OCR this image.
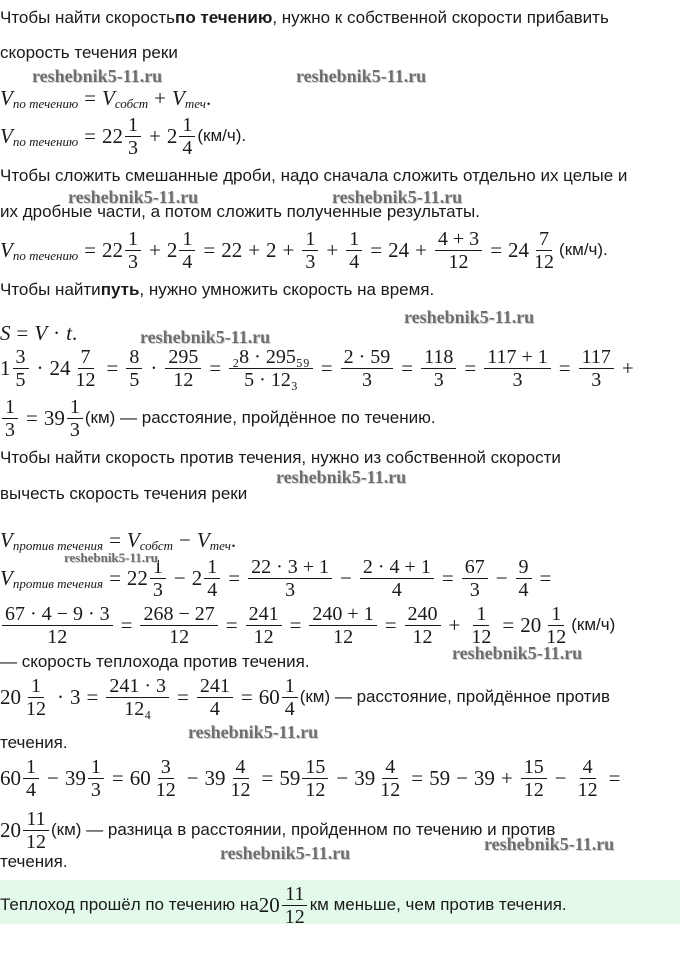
Чтобы найти скорость по течению , нужно к собственной скорости прибавить
скорость течения реки
V по течению = V собст + V теч .
V по течению = $22 \frac{1}{3} + 2 \frac{1}{4} (км/ч)$.
Чтобы сложить смешанные дроби, надо сначала сложить отдельно их целые и
их дробные части, а потом сложить полученные результаты.
V по течению = $22 \frac{1}{3} + 2 \frac{1}{4} = 22 + 2 + \frac{1}{3} + \frac{1}{4} = 24 + \frac{4 + 3}{12} = 24 \frac{7}{12} (км/ч)$.
Чтобы найти путь , нужно умножить скорость на время.
S = V · t .
$1 \frac{3}{5} \cdot 24 \frac{7}{12} = \frac{8}{5} \cdot \frac{295}{12} = \frac{\text{₂8 · 295₅₉}}{\text{5 · 12₃}} = \frac{2 \cdot 59}{3} = \frac{118}{3} = \frac{117 + 1}{3} = \frac{117}{3}$ +
$\frac{1}{3} = 39 \frac{1}{3} (км)$ — расстояние, пройдённое по течению.
Чтобы найти скорость против течения, нужно из собственной скорости
вычесть скорость течения реки
V против течения = V собст − V теч .
V против течения = $22 \frac{1}{3} - 2 \frac{1}{4} = \frac{22 \cdot 3 + 1}{3} - \frac{2 \cdot 4 + 1}{4} = \frac{67}{3} - \frac{9}{4}$ =
$\frac{67 \cdot 4 - 9 \cdot 3}{12} = \frac{268 - 27}{12} = \frac{241}{12} = \frac{240 + 1}{12} = \frac{240}{12} + \frac{1}{12} = 20 \frac{1}{12} (км/ч)$
— скорость теплохода против течения.
$20 \frac{1}{12} \cdot 3 = \frac{241 \cdot 3}{\text{12₄}} = \frac{241}{4} = 60 \frac{1}{4} (км)$ — расстояние, пройдённое против
течения.
$60 \frac{1}{4} - 39 \frac{1}{3} = 60 \frac{3}{12} - 39 \frac{4}{12} = 59 \frac{15}{12} - 39 \frac{4}{12} = 59 - 39 + \frac{15}{12} - \frac{4}{12}$ =
$20 \frac{11}{12} (км)$ — разница в расстоянии, пройденном по течению и против
течения.
Теплоход прошёл по течению на $20 \frac{11}{12}$ км меньше, чем против течения.
reshebnik5-11.ru	reshebnik5-11.ru
reshebnik5-11.ru	reshebnik5-11.ru
reshebnik5-11.ru
reshebnik5-11.ru
reshebnik5-11.ru
reshebnik5-11.ru
reshebnik5-11.ru
reshebnik5-11.ru
reshebnik5-11.ru
reshebnik5-11.ru
